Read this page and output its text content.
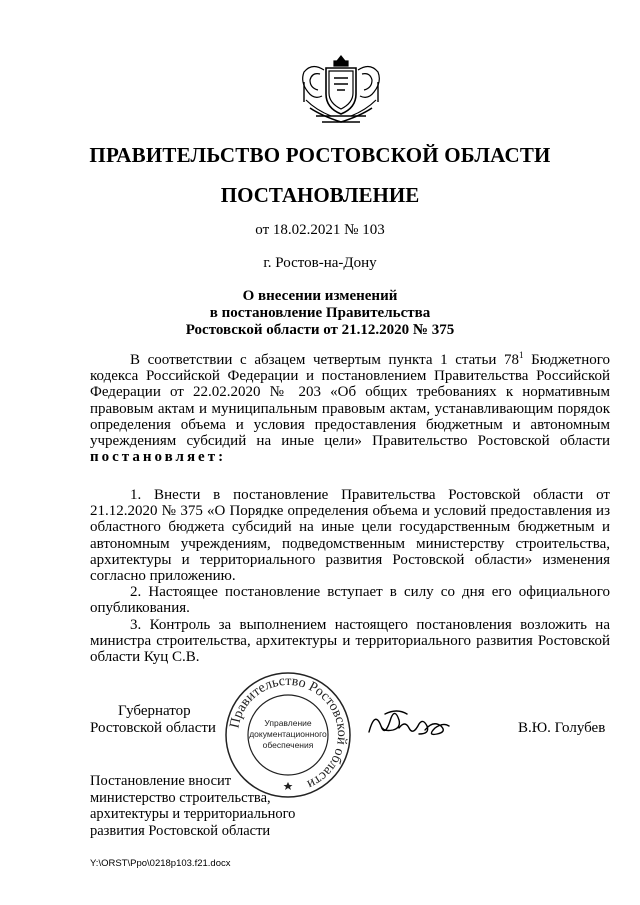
ПРАВИТЕЛЬСТВО РОСТОВСКОЙ ОБЛАСТИ
ПОСТАНОВЛЕНИЕ
от 18.02.2021 № 103
г. Ростов-на-Дону
О внесении изменений
в постановление Правительства
Ростовской области от 21.12.2020 № 375

В соответствии с абзацем четвертым пункта 1 статьи $78^1$ Бюджетного кодекса Российской Федерации и постановлением Правительства Российской Федерации от 22.02.2020 № 203 «Об общих требованиях к нормативным правовым актам и муниципальным правовым актам, устанавливающим порядок определения объема и условия предоставления бюджетным и автономным учреждениям субсидий на иные цели» Правительство Ростовской области постановляет:

1. Внести в постановление Правительства Ростовской области от 21.12.2020 № 375 «О Порядке определения объема и условий предоставления из областного бюджета субсидий на иные цели государственным бюджетным и автономным учреждениям, подведомственным министерству строительства, архитектуры и территориального развития Ростовской области» изменения согласно приложению.

2. Настоящее постановление вступает в силу со дня его официального опубликования.

3. Контроль за выполнением настоящего постановления возложить на министра строительства, архитектуры и территориального развития Ростовской области Куц С.В.

Губернатор
Ростовской области Правительство Ростовской области
Управление
документационного
обеспечения
В.Ю. Голубев
Постановление вносит
министерство строительства,
архитектуры и территориального
развития Ростовской области
Y:\ORST\Ppo\0218p103.f21.docx
